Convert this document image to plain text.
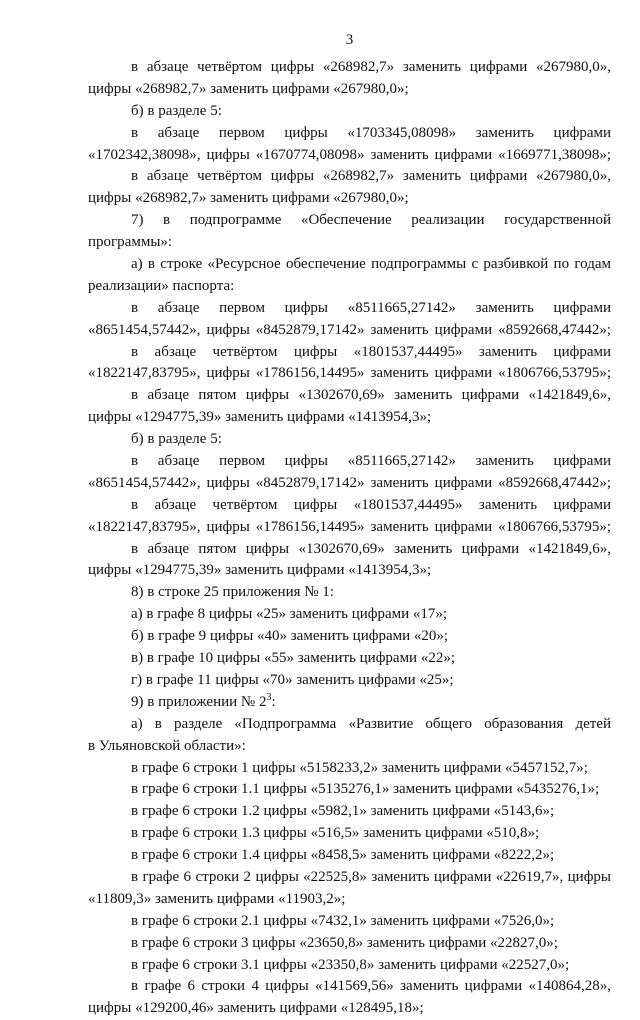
3
в абзаце четвёртом цифры «268982,7» заменить цифрами «267980,0»,
цифры «268982,7» заменить цифрами «267980,0»;
б) в разделе 5:
в абзаце первом цифры «1703345,08098» заменить цифрами
«1702342,38098», цифры «1670774,08098» заменить цифрами «1669771,38098»;
в абзаце четвёртом цифры «268982,7» заменить цифрами «267980,0»,
цифры «268982,7» заменить цифрами «267980,0»;
7) в подпрограмме «Обеспечение реализации государственной
программы»:
а) в строке «Ресурсное обеспечение подпрограммы с разбивкой по годам
реализации» паспорта:
в абзаце первом цифры «8511665,27142» заменить цифрами
«8651454,57442», цифры «8452879,17142» заменить цифрами «8592668,47442»;
в абзаце четвёртом цифры «1801537,44495» заменить цифрами
«1822147,83795», цифры «1786156,14495» заменить цифрами «1806766,53795»;
в абзаце пятом цифры «1302670,69» заменить цифрами «1421849,6»,
цифры «1294775,39» заменить цифрами «1413954,3»;
б) в разделе 5:
в абзаце первом цифры «8511665,27142» заменить цифрами
«8651454,57442», цифры «8452879,17142» заменить цифрами «8592668,47442»;
в абзаце четвёртом цифры «1801537,44495» заменить цифрами
«1822147,83795», цифры «1786156,14495» заменить цифрами «1806766,53795»;
в абзаце пятом цифры «1302670,69» заменить цифрами «1421849,6»,
цифры «1294775,39» заменить цифрами «1413954,3»;
8) в строке 25 приложения № 1:
а) в графе 8 цифры «25» заменить цифрами «17»;
б) в графе 9 цифры «40» заменить цифрами «20»;
в) в графе 10 цифры «55» заменить цифрами «22»;
г) в графе 11 цифры «70» заменить цифрами «25»;
9) в приложении № $2^3$:
а) в разделе «Подпрограмма «Развитие общего образования детей
в Ульяновской области»:
в графе 6 строки 1 цифры «5158233,2» заменить цифрами «5457152,7»;
в графе 6 строки 1.1 цифры «5135276,1» заменить цифрами «5435276,1»;
в графе 6 строки 1.2 цифры «5982,1» заменить цифрами «5143,6»;
в графе 6 строки 1.3 цифры «516,5» заменить цифрами «510,8»;
в графе 6 строки 1.4 цифры «8458,5» заменить цифрами «8222,2»;
в графе 6 строки 2 цифры «22525,8» заменить цифрами «22619,7», цифры
«11809,3» заменить цифрами «11903,2»;
в графе 6 строки 2.1 цифры «7432,1» заменить цифрами «7526,0»;
в графе 6 строки 3 цифры «23650,8» заменить цифрами «22827,0»;
в графе 6 строки 3.1 цифры «23350,8» заменить цифрами «22527,0»;
в графе 6 строки 4 цифры «141569,56» заменить цифрами «140864,28»,
цифры «129200,46» заменить цифрами «128495,18»;
